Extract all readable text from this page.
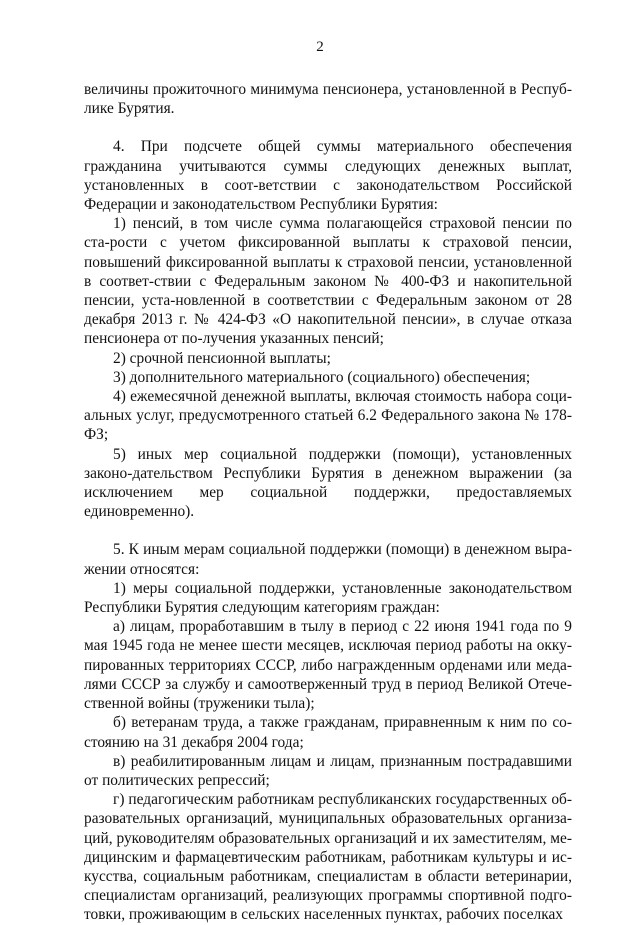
2

величины прожиточного минимума пенсионера, установленной в Респуб-лике Бурятия.

4. При подсчете общей суммы материального обеспечения гражданина учитываются суммы следующих денежных выплат, установленных в соот-ветствии с законодательством Российской Федерации и законодательством Республики Бурятия:

1) пенсий, в том числе сумма полагающейся страховой пенсии по ста-рости с учетом фиксированной выплаты к страховой пенсии, повышений фиксированной выплаты к страховой пенсии, установленной в соответ-ствии с Федеральным законом № 400-ФЗ и накопительной пенсии, уста-новленной в соответствии с Федеральным законом от 28 декабря 2013 г. № 424-ФЗ «О накопительной пенсии», в случае отказа пенсионера от по-лучения указанных пенсий;

2) срочной пенсионной выплаты;

3) дополнительного материального (социального) обеспечения;

4) ежемесячной денежной выплаты, включая стоимость набора соци-альных услуг, предусмотренного статьей 6.2 Федерального закона № 178-ФЗ;

5) иных мер социальной поддержки (помощи), установленных законо-дательством Республики Бурятия в денежном выражении (за исключением мер социальной поддержки, предоставляемых единовременно).

5. К иным мерам социальной поддержки (помощи) в денежном выра-жении относятся:

1) меры социальной поддержки, установленные законодательством Республики Бурятия следующим категориям граждан:

а) лицам, проработавшим в тылу в период с 22 июня 1941 года по 9 мая 1945 года не менее шести месяцев, исключая период работы на окку-пированных территориях СССР, либо награжденным орденами или меда-лями СССР за службу и самоотверженный труд в период Великой Отече-ственной войны (труженики тыла);

б) ветеранам труда, а также гражданам, приравненным к ним по со-стоянию на 31 декабря 2004 года;

в) реабилитированным лицам и лицам, признанным пострадавшими от политических репрессий;

г) педагогическим работникам республиканских государственных об-разовательных организаций, муниципальных образовательных организа-ций, руководителям образовательных организаций и их заместителям, ме-дицинским и фармацевтическим работникам, работникам культуры и ис-кусства, социальным работникам, специалистам в области ветеринарии, специалистам организаций, реализующих программы спортивной подго-товки, проживающим в сельских населенных пунктах, рабочих поселках
